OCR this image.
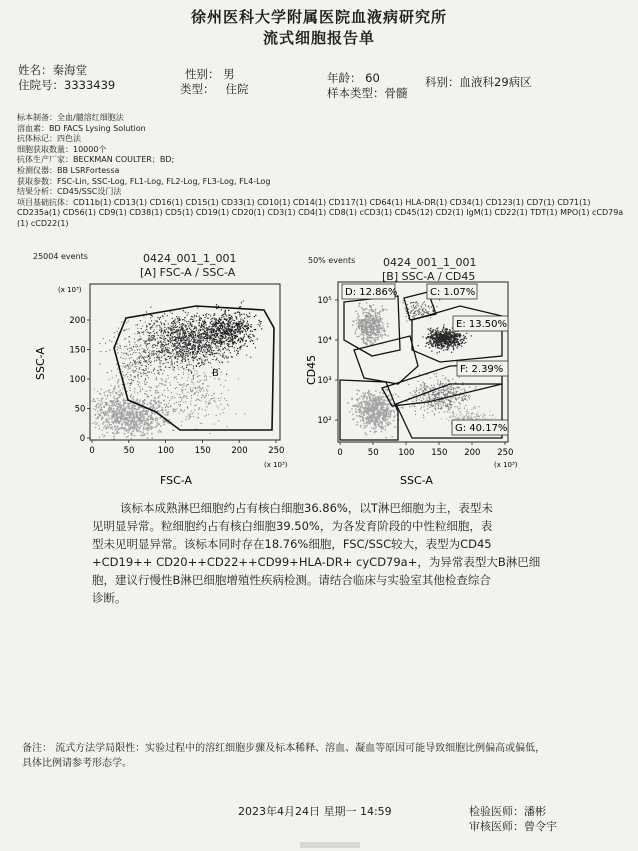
徐州医科大学附属医院血液病研究所
流式细胞报告单
姓名：秦海堂
住院号：3333439
性别： 男
类型： 住院
年龄： 60	科别：血液科29病区
样本类型：骨髓
标本制备：全血/髓溶红细胞法
溶血素：BD FACS Lysing Solution
抗体标记：四色法
细胞获取数量：10000个
抗体生产厂家：BECKMAN COULTER；BD;
检测仪器：BB LSRFortessa
获取参数：FSC-Lin, SSC-Log, FL1-Log, FL2-Log, FL3-Log, FL4-Log
结果分析：CD45/SSC设门法
项目基础抗体：CD11b(1) CD13(1) CD16(1) CD15(1) CD33(1) CD10(1) CD14(1) CD117(1) CD64(1) HLA-DR(1) CD34(1) CD123(1) CD7(1) CD71(1)
CD235a(1) CD56(1) CD9(1) CD38(1) CD5(1) CD19(1) CD20(1) CD3(1) CD4(1) CD8(1) cCD3(1) CD45(12) CD2(1) IgM(1) CD22(1) TDT(1) MPO(1) cCD79a
(1) cCD22(1)
25004 events	0424_001_1_001
[A] FSC-A / SSC-A
50% events	0424_001_1_001
[B] SSC-A / CD45
B
(x 10³)
(x 10³)
FSC-A
SSC-A
0	50	100 150 200 250
0
50
100
150
200
D: 12.86%	C: 1.07%
E: 13.50%
F: 2.39%
G: 40.17%
(x 10³)
SSC-A
CD45
0	50 100 150 200 250
10⁵
10⁴
10³
10²
该标本成熟淋巴细胞约占有核白细胞36.86%，以T淋巴细胞为主，表型未
见明显异常。粒细胞约占有核白细胞39.50%，为各发育阶段的中性粒细胞，表
型未见明显异常。该标本同时存在18.76%细胞，FSC/SSC较大，表型为CD45
+CD19++ CD20++CD22++CD99+HLA-DR+ cyCD79a+，为异常表型大B淋巴细
胞，建议行慢性B淋巴细胞增殖性疾病检测。请结合临床与实验室其他检查综合
诊断。
备注： 流式方法学局限性：实验过程中的溶红细胞步骤及标本稀释、溶血、凝血等原因可能导致细胞比例偏高或偏低，
具体比例请参考形态学。
2023年4月24日 星期一 14:59	检验医师：潘彬
审核医师：曾令宇
